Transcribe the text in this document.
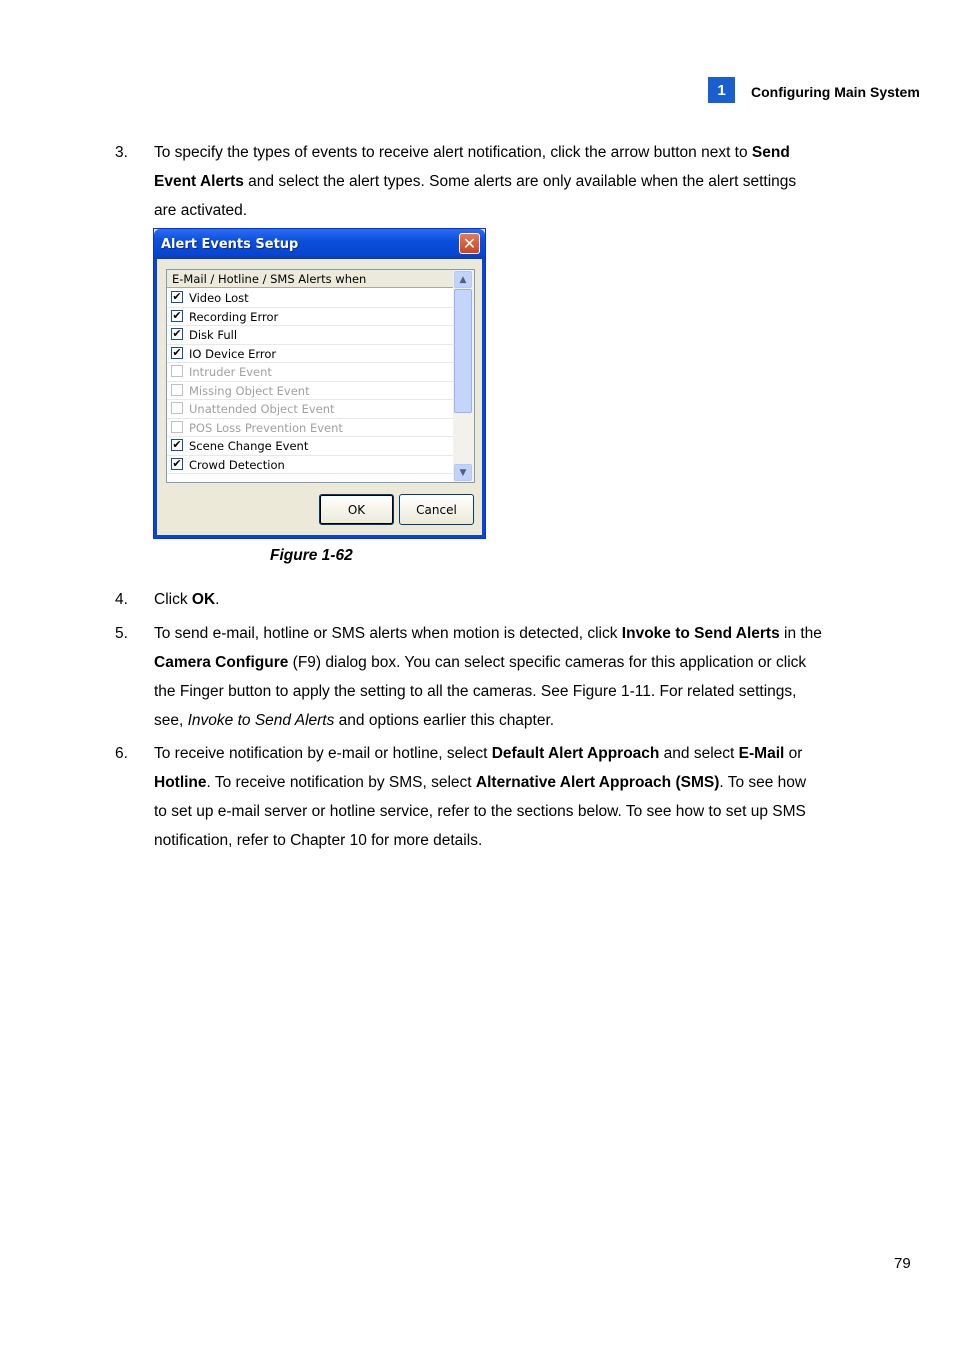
1	Configuring Main System
3.	To specify the types of events to receive alert notification, click the arrow button next to Send
Event Alerts and select the alert types. Some alerts are only available when the alert settings
are activated.
Alert Events Setup	✕
E-Mail / Hotline / SMS Alerts when
✔ Video Lost
✔ Recording Error
✔ Disk Full
✔ IO Device Error
Intruder Event
Missing Object Event
Unattended Object Event
POS Loss Prevention Event
✔ Scene Change Event
✔ Crowd Detection
▲
▼
OK	Cancel
Figure 1-62
4.	Click OK.
5.	To send e-mail, hotline or SMS alerts when motion is detected, click Invoke to Send Alerts in the
Camera Configure (F9) dialog box. You can select specific cameras for this application or click
the Finger button to apply the setting to all the cameras. See Figure 1-11. For related settings,
see, Invoke to Send Alerts and options earlier this chapter.
6.	To receive notification by e-mail or hotline, select Default Alert Approach and select E-Mail or
Hotline. To receive notification by SMS, select Alternative Alert Approach (SMS). To see how
to set up e-mail server or hotline service, refer to the sections below. To see how to set up SMS
notification, refer to Chapter 10 for more details.
79
